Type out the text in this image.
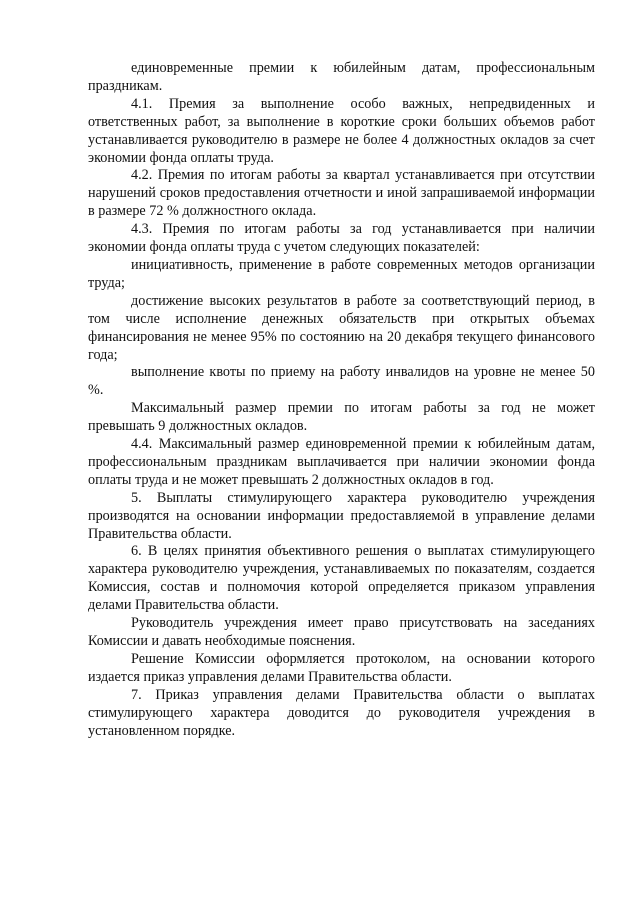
единовременные премии к юбилейным датам, профессиональным праздникам.

4.1. Премия за выполнение особо важных, непредвиденных и ответственных работ, за выполнение в короткие сроки больших объемов работ устанавливается руководителю в размере не более 4 должностных окладов за счет экономии фонда оплаты труда.

4.2. Премия по итогам работы за квартал устанавливается при отсутствии нарушений сроков предоставления отчетности и иной запрашиваемой информации в размере 72 % должностного оклада.

4.3. Премия по итогам работы за год устанавливается при наличии экономии фонда оплаты труда с учетом следующих показателей:

инициативность, применение в работе современных методов организации труда;

достижение высоких результатов в работе за соответствующий период, в том числе исполнение денежных обязательств при открытых объемах финансирования не менее 95% по состоянию на 20 декабря текущего финансового года;

выполнение квоты по приему на работу инвалидов на уровне не менее 50 %.

Максимальный размер премии по итогам работы за год не может превышать 9 должностных окладов.

4.4. Максимальный размер единовременной премии к юбилейным датам, профессиональным праздникам выплачивается при наличии экономии фонда оплаты труда и не может превышать 2 должностных окладов в год.

5. Выплаты стимулирующего характера руководителю учреждения производятся на основании информации предоставляемой в управление делами Правительства области.

6. В целях принятия объективного решения о выплатах стимулирующего характера руководителю учреждения, устанавливаемых по показателям, создается Комиссия, состав и полномочия которой определяется приказом управления делами Правительства области.

Руководитель учреждения имеет право присутствовать на заседаниях Комиссии и давать необходимые пояснения.

Решение Комиссии оформляется протоколом, на основании которого издается приказ управления делами Правительства области.

7. Приказ управления делами Правительства области о выплатах стимулирующего характера доводится до руководителя учреждения в установленном порядке.
